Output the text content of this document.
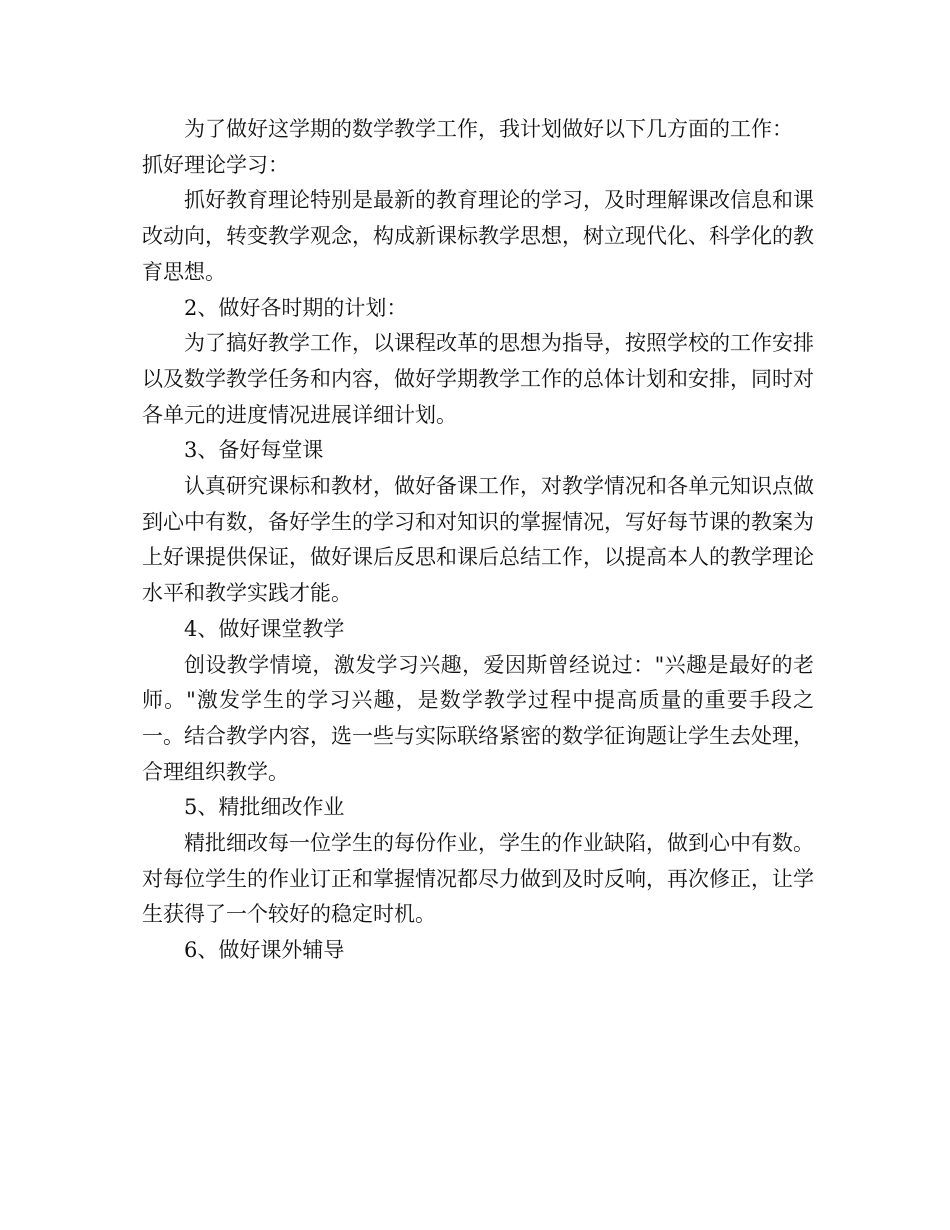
为了做好这学期的数学教学工作，我计划做好以下几方面的工作：

抓好理论学习：

抓好教育理论特别是最新的教育理论的学习，及时理解课改信息和课改动向，转变教学观念，构成新课标教学思想，树立现代化、科学化的教育思想。

2、做好各时期的计划：

为了搞好教学工作，以课程改革的思想为指导，按照学校的工作安排以及数学教学任务和内容，做好学期教学工作的总体计划和安排，同时对各单元的进度情况进展详细计划。

3、备好每堂课

认真研究课标和教材，做好备课工作，对教学情况和各单元知识点做到心中有数，备好学生的学习和对知识的掌握情况，写好每节课的教案为上好课提供保证，做好课后反思和课后总结工作，以提高本人的教学理论水平和教学实践才能。

4、做好课堂教学

创设教学情境，激发学习兴趣，爱因斯曾经说过："兴趣是最好的老师。"激发学生的学习兴趣，是数学教学过程中提高质量的重要手段之一。结合教学内容，选一些与实际联络紧密的数学征询题让学生去处理，合理组织教学。

5、精批细改作业

精批细改每一位学生的每份作业，学生的作业缺陷，做到心中有数。对每位学生的作业订正和掌握情况都尽力做到及时反响，再次修正，让学生获得了一个较好的稳定时机。

6、做好课外辅导
